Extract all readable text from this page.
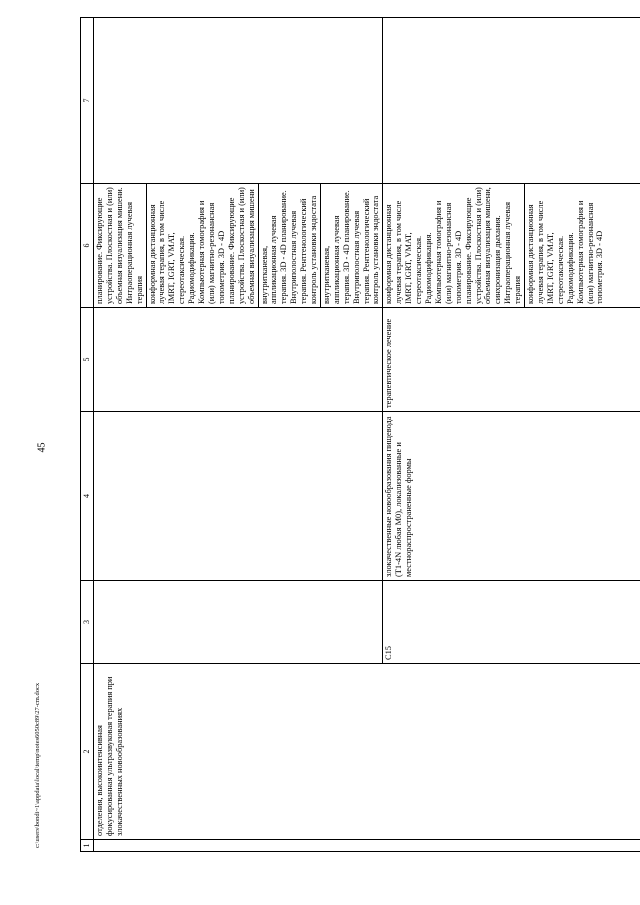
45
c:\users\bondi~1\appdata\local\temp\notes6050c89\27-cm.docx	1	2	3	4	5	6	7
	отделения, высокоинтенсивная фокусированная ультразвуковая терапия при злокачественных новообразованиях				планирование. Фиксирующие устройства. Плоскостная и (или) объемная визуализация мишени. Интраоперационная лучевая терапия конформная дистанционная лучевая терапия, в том числе IMRT, IGRT, VMAT, стереотаксическая. Радиомодификация. Компьютерная томография и (или) магнитно-резонансная топометрия. 3D - 4D планирование. Фиксирующие устройства. Плоскостная и (или) объемная визуализация мишени внутритканевая, аппликационная лучевая терапия. 3D - 4D планирование. Внутриполостная лучевая терапия. Рентгенологический контроль установки эндостата внутритканевая, аппликационная лучевая терапия. 3D - 4D планирование. Внутриполостная лучевая терапия. Рентгенологический контроль установки эндостата	

		C15	злокачественные новообразования пищевода (T1-4N любая M0), локализованные и местнораспространенные формы	терапевтическое лечение	конформная дистанционная лучевая терапия, в том числе IMRT, IGRT, VMAT, стереотаксическая. Радиомодификация. Компьютерная томография и (или) магнитно-резонансная топометрия. 3D - 4D планирование. Фиксирующие устройства. Плоскостная и (или) объемная визуализация мишени, синхронизация дыхания. Интраоперационная лучевая терапия конформная дистанционная лучевая терапия, в том числе IMRT, IGRT, VMAT, стереотаксическая. Радиомодификация. Компьютерная томография и (или) магнитно-резонансная топометрия. 3D - 4D	
